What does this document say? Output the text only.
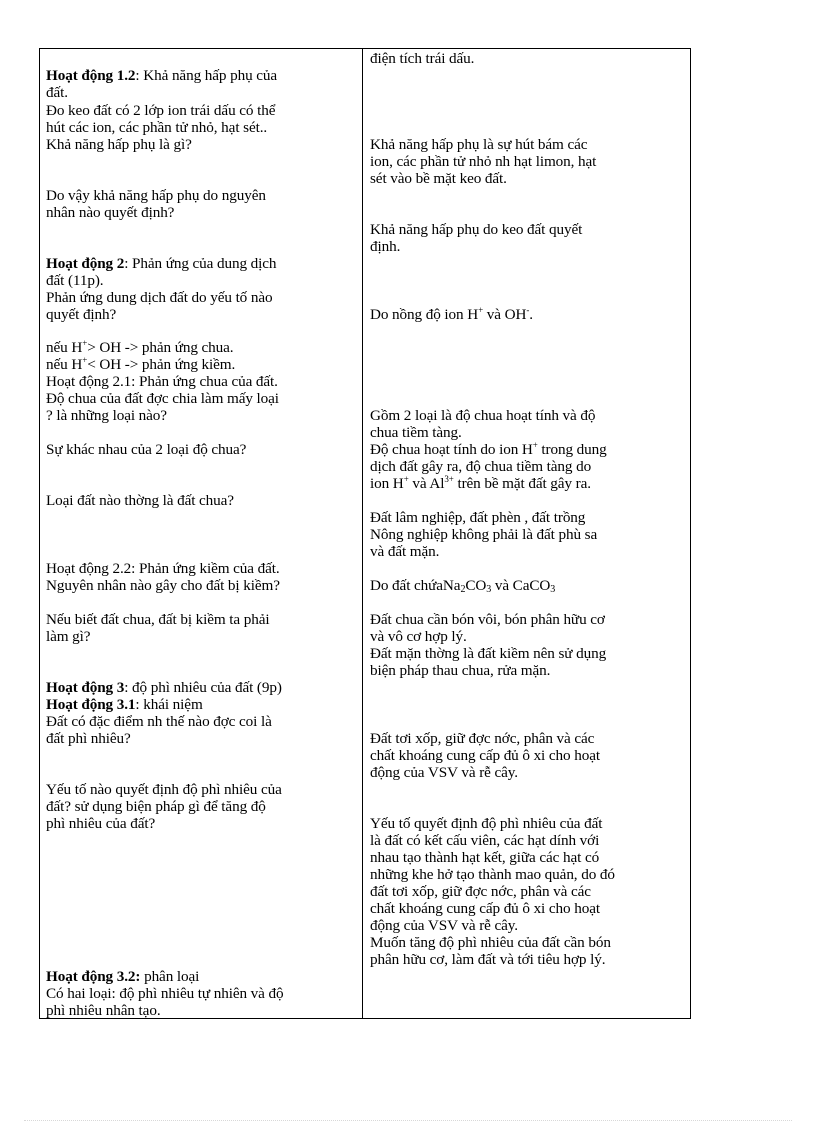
Hoạt động 1.2: Khả năng hấp phụ của
đất.
Đo keo đất có 2 lớp ion trái dấu có thể
hút các ion, các phần tử nhỏ, hạt sét..
Khả năng hấp phụ là gì?
Do vậy khả năng hấp phụ do nguyên
nhân nào quyết định?
Hoạt động 2: Phản ứng của dung dịch
đất (11p).
Phản ứng dung dịch đất do yếu tố nào
quyết định?
nếu H+> OH -> phản ứng chua.
nếu H+< OH -> phản ứng kiềm.
Hoạt động 2.1: Phản ứng chua của đất.
Độ chua của đất đợc chia làm mấy loại
? là những loại nào?
Sự khác nhau của 2 loại độ chua?
Loại đất nào thờng là đất chua?
Hoạt động 2.2: Phản ứng kiềm của đất.
Nguyên nhân nào gây cho đất bị kiềm?
Nếu biết đất chua, đất bị kiềm ta phải
làm gì?
Hoạt động 3: độ phì nhiêu của đất (9p)
Hoạt động 3.1: khái niệm
Đất có đặc điểm nh thế nào đợc coi là
đất phì nhiêu?
Yếu tố nào quyết định độ phì nhiêu của
đất? sử dụng biện pháp gì để tăng độ
phì nhiêu của đất?
Hoạt động 3.2: phân loại
Có hai loại: độ phì nhiêu tự nhiên và độ
phì nhiêu nhân tạo.
điện tích trái dấu.
Khả năng hấp phụ là sự hút bám các
ion, các phần tử nhỏ nh hạt limon, hạt
sét vào bề mặt keo đất.
Khả năng hấp phụ do keo đất quyết
định.
Do nồng độ ion H+ và OH-.
Gồm 2 loại là độ chua hoạt tính và độ
chua tiềm tàng.
Độ chua hoạt tính do ion H+ trong dung
dịch đất gây ra, độ chua tiềm tàng do
ion H+ và $Al^{3+}$ trên bề mặt đất gây ra.
Đất lâm nghiệp, đất phèn , đất trồng
Nông nghiệp không phải là đất phù sa
và đất mặn.
Do đất $chứaNa_2CO_3$ và CaCO$_3$
Đất chua cần bón vôi, bón phân hữu cơ
và vô cơ hợp lý.
Đất mặn thờng là đất kiềm nên sử dụng
biện pháp thau chua, rửa mặn.
Đất tơi xốp, giữ đợc nớc, phân và các
chất khoáng cung cấp đủ ô xi cho hoạt
động của VSV và rễ cây.
Yếu tố quyết định độ phì nhiêu của đất
là đất có kết cấu viên, các hạt dính với
nhau tạo thành hạt kết, giữa các hạt có
những khe hở tạo thành mao quản, do đó
đất tơi xốp, giữ đợc nớc, phân và các
chất khoáng cung cấp đủ ô xi cho hoạt
động của VSV và rễ cây.
Muốn tăng độ phì nhiêu của đất cần bón
phân hữu cơ, làm đất và tới tiêu hợp lý.
